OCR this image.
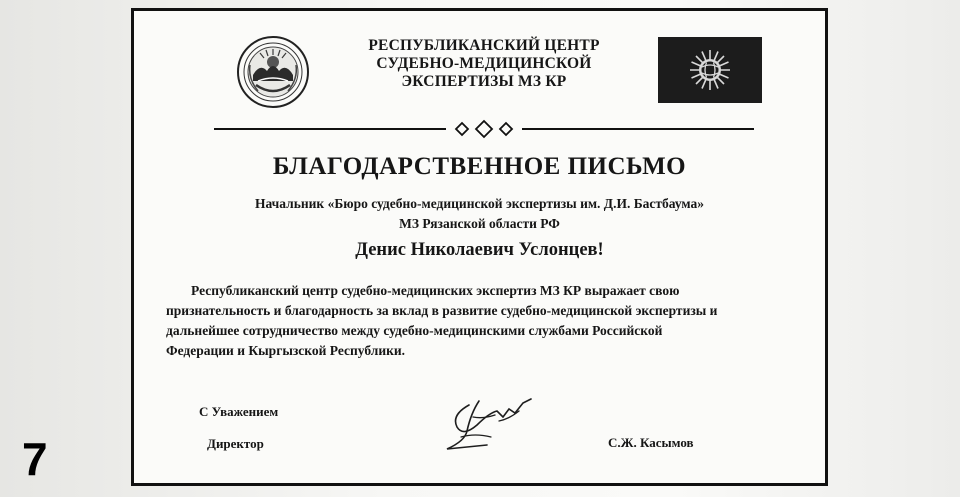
7
РЕСПУБЛИКАНСКИЙ ЦЕНТР
СУДЕБНО-МЕДИЦИНСКОЙ
ЭКСПЕРТИЗЫ МЗ КР
БЛАГОДАРСТВЕННОЕ ПИСЬМО
Начальник «Бюро судебно-медицинской экспертизы им. Д.И. Бастбаума»
МЗ Рязанской области РФ
Денис Николаевич Услонцев!
Республиканский центр судебно-медицинских экспертиз МЗ КР выражает свою
признательность и благодарность за вклад в развитие судебно-медицинской экспертизы и
дальнейшее сотрудничество между судебно-медицинскими службами Российской
Федерации и Кыргызской Республики.
С Уважением
Директор	С.Ж. Касымов
